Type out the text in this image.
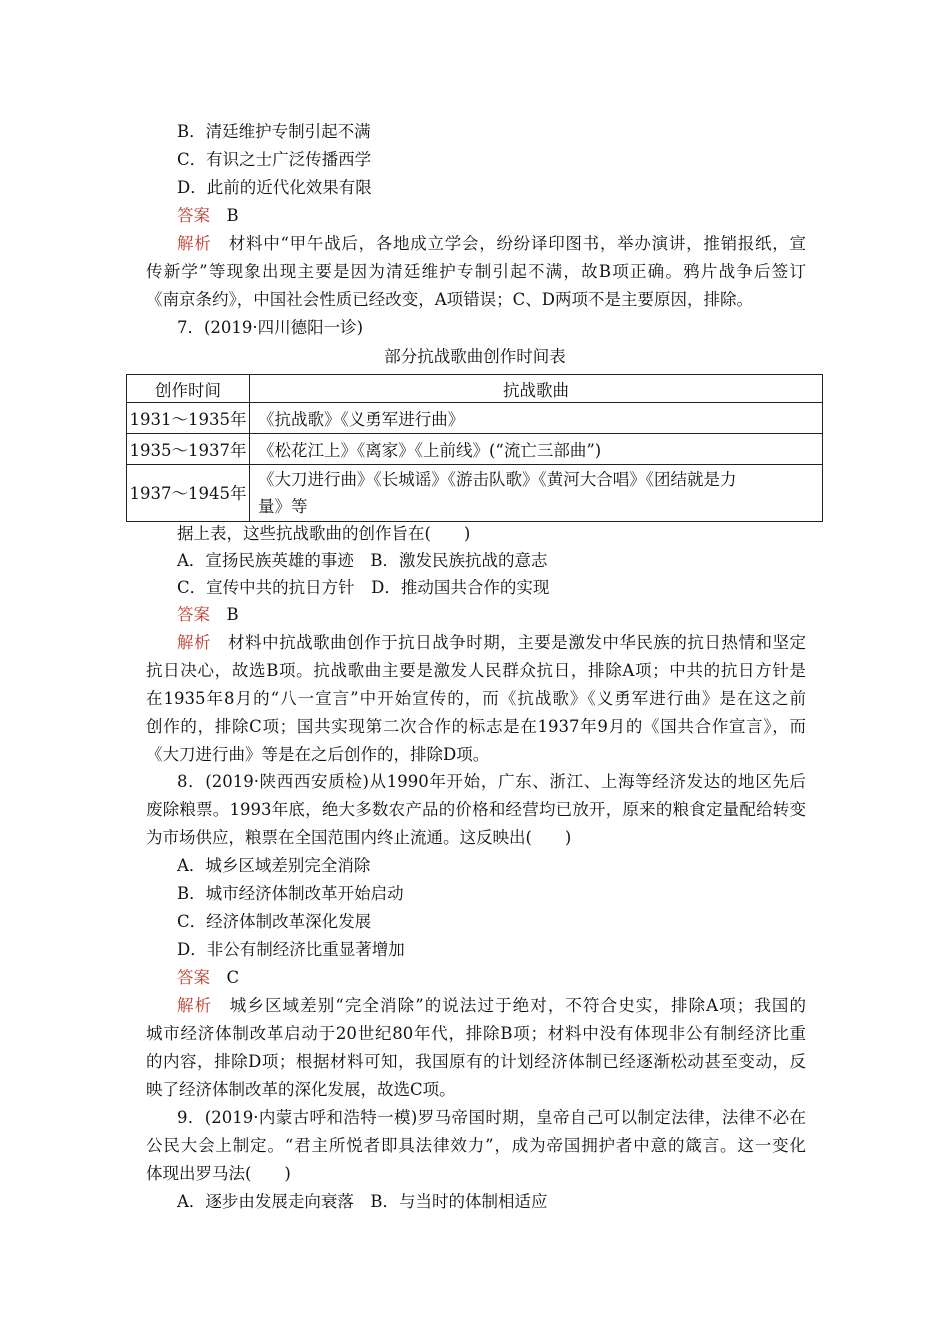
B．清廷维护专制引起不满
C．有识之士广泛传播西学
D．此前的近代化效果有限
答案　 B
解析　 材料中“甲午战后，各地成立学会，纷纷译印图书，举办演讲，推销报纸，宣
传新学”等现象出现主要是因为清廷维护专制引起不满，故B项正确。鸦片战争后签订
《南京条约》，中国社会性质已经改变，A项错误；C、D两项不是主要原因，排除。
7．(2019·四川德阳一诊)
部分抗战歌曲创作时间表
创作时间	抗战歌曲
1931～1935年	《抗战歌》《义勇军进行曲》
1935～1937年	《松花江上》《离家》《上前线》(“流亡三部曲”)
1937～1945年	《大刀进行曲》《长城谣》《游击队歌》《黄河大合唱》《团结就是力
量》等
据上表，这些抗战歌曲的创作旨在(　　)
A．宣扬民族英雄的事迹　B．激发民族抗战的意志
C．宣传中共的抗日方针　D．推动国共合作的实现
答案　 B
解析　 材料中抗战歌曲创作于抗日战争时期，主要是激发中华民族的抗日热情和坚定
抗日决心，故选B项。抗战歌曲主要是激发人民群众抗日，排除A项；中共的抗日方针是
在1935年8月的“八一宣言”中开始宣传的，而《抗战歌》《义勇军进行曲》是在这之前
创作的，排除C项；国共实现第二次合作的标志是在1937年9月的《国共合作宣言》，而
《大刀进行曲》等是在之后创作的，排除D项。
8．(2019·陕西西安质检)从1990年开始，广东、浙江、上海等经济发达的地区先后
废除粮票。1993年底，绝大多数农产品的价格和经营均已放开，原来的粮食定量配给转变
为市场供应，粮票在全国范围内终止流通。这反映出(　　)
A．城乡区域差别完全消除
B．城市经济体制改革开始启动
C．经济体制改革深化发展
D．非公有制经济比重显著增加
答案　 C
解析　 城乡区域差别“完全消除”的说法过于绝对，不符合史实，排除A项；我国的
城市经济体制改革启动于20世纪80年代，排除B项；材料中没有体现非公有制经济比重
的内容，排除D项；根据材料可知，我国原有的计划经济体制已经逐渐松动甚至变动，反
映了经济体制改革的深化发展，故选C项。
9．(2019·内蒙古呼和浩特一模)罗马帝国时期，皇帝自己可以制定法律，法律不必在
公民大会上制定。“君主所悦者即具法律效力”，成为帝国拥护者中意的箴言。这一变化
体现出罗马法(　　)
A．逐步由发展走向衰落　B．与当时的体制相适应
